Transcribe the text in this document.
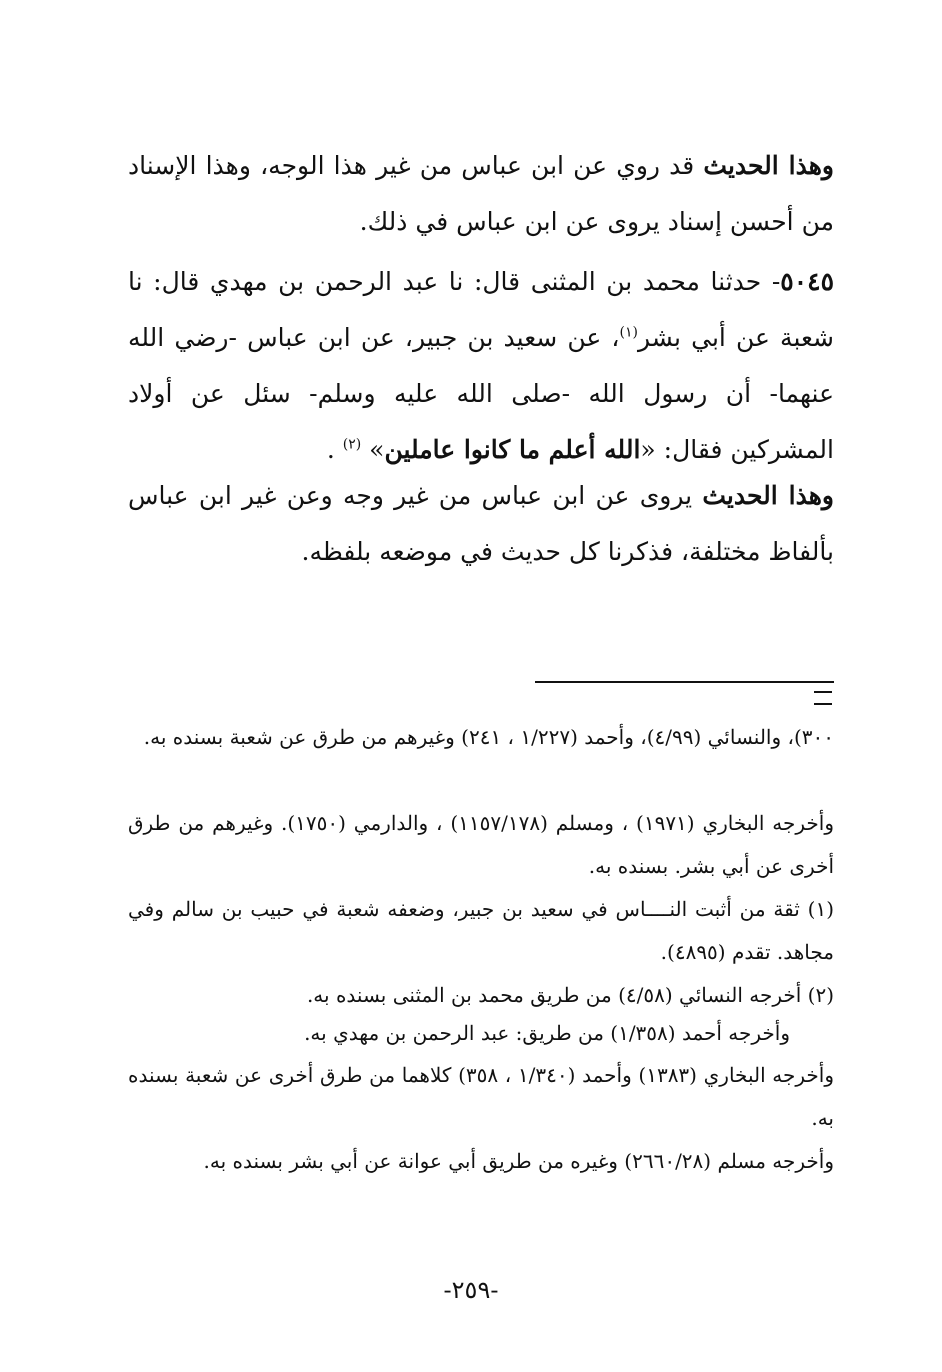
وهذا الحديث قد روي عن ابن عباس من غير هذا الوجه، وهذا الإسناد من أحسن إسناد يروى عن ابن عباس في ذلك.

٥٠٤٥- حدثنا محمد بن المثنى قال: نا عبد الرحمن بن مهدي قال: نا شعبة عن أبي بشر$^{(١)}$، عن سعيد بن جبير، عن ابن عباس -رضي الله عنهما- أن رسول الله -صلى الله عليه وسلم- سئل عن أولاد المشركين فقال: «الله أعلم ما كانوا عاملين» $^{(٢)}$ .

وهذا الحديث يروى عن ابن عباس من غير وجه وعن غير ابن عباس بألفاظ مختلفة، فذكرنا كل حديث في موضعه بلفظه.

٣٠٠)، والنسائي (٤/٩٩)، وأحمد (١/٢٢٧ ، ٢٤١) وغيرهم من طرق عن شعبة بسنده به.

وأخرجه البخاري (١٩٧١) ، ومسلم (١١٥٧/١٧٨) ، والدارمي (١٧٥٠). وغيرهم من طرق أخرى عن أبي بشر. بسنده به.

(١) ثقة من أثبت النــــاس في سعيد بن جبير، وضعفه شعبة في حبيب بن سالم وفي مجاهد. تقدم (٤٨٩٥).

(٢) أخرجه النسائي (٤/٥٨) من طريق محمد بن المثنى بسنده به.

وأخرجه أحمد (١/٣٥٨) من طريق: عبد الرحمن بن مهدي به.

وأخرجه البخاري (١٣٨٣) وأحمد (١/٣٤٠ ، ٣٥٨) كلاهما من طرق أخرى عن شعبة بسنده به.

وأخرجه مسلم (٢٦٦٠/٢٨) وغيره من طريق أبي عوانة عن أبي بشر بسنده به.

-٢٥٩-
